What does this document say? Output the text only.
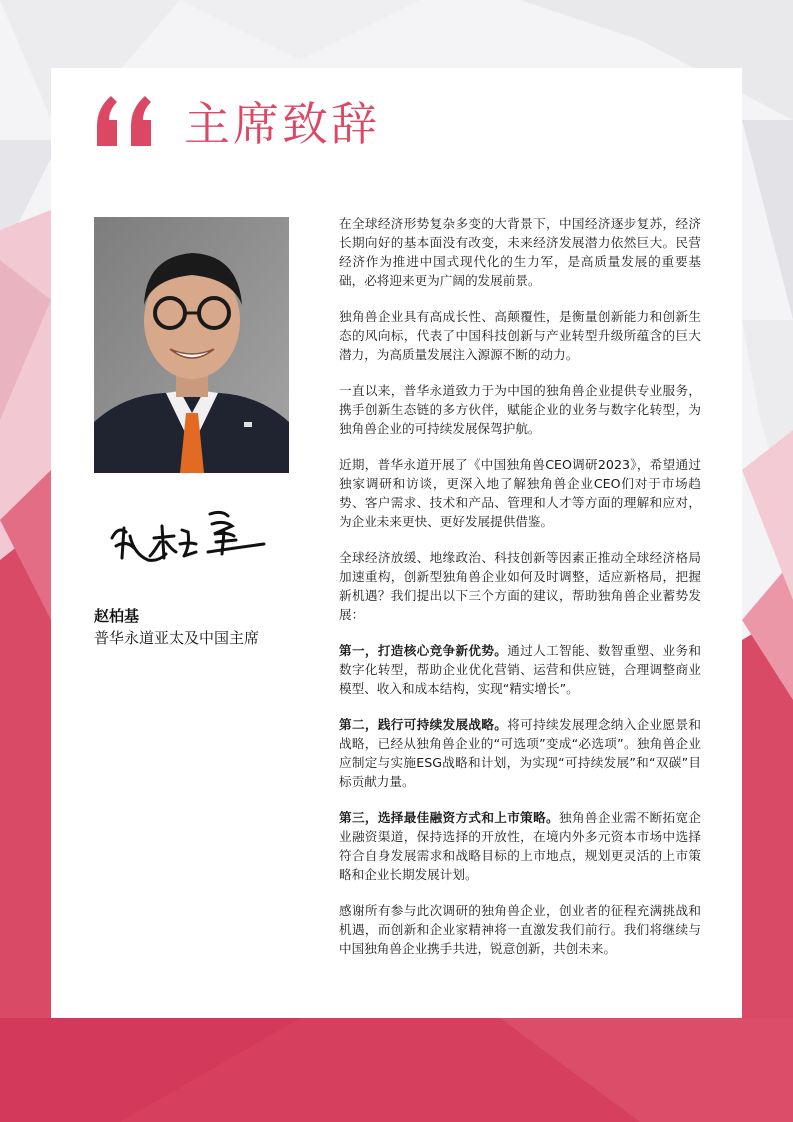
主席致辞
赵柏基
普华永道亚太及中国主席

在全球经济形势复杂多变的大背景下，中国经济逐步复苏，经济长期向好的基本面没有改变，未来经济发展潜力依然巨大。民营经济作为推进中国式现代化的生力军，是高质量发展的重要基础，必将迎来更为广阔的发展前景。

独角兽企业具有高成长性、高颠覆性，是衡量创新能力和创新生态的风向标，代表了中国科技创新与产业转型升级所蕴含的巨大潜力，为高质量发展注入源源不断的动力。

一直以来，普华永道致力于为中国的独角兽企业提供专业服务，携手创新生态链的多方伙伴，赋能企业的业务与数字化转型，为独角兽企业的可持续发展保驾护航。

近期，普华永道开展了《中国独角兽CEO调研2023》，希望通过独家调研和访谈，更深入地了解独角兽企业CEO们对于市场趋势、客户需求、技术和产品、管理和人才等方面的理解和应对，为企业未来更快、更好发展提供借鉴。

全球经济放缓、地缘政治、科技创新等因素正推动全球经济格局加速重构，创新型独角兽企业如何及时调整，适应新格局，把握新机遇？我们提出以下三个方面的建议，帮助独角兽企业蓄势发展：

第一，打造核心竞争新优势。通过人工智能、数智重塑、业务和数字化转型，帮助企业优化营销、运营和供应链，合理调整商业模型、收入和成本结构，实现“精实增长”。

第二，践行可持续发展战略。将可持续发展理念纳入企业愿景和战略，已经从独角兽企业的“可选项”变成“必选项”。独角兽企业应制定与实施ESG战略和计划，为实现“可持续发展”和“双碳”目标贡献力量。

第三，选择最佳融资方式和上市策略。独角兽企业需不断拓宽企业融资渠道，保持选择的开放性，在境内外多元资本市场中选择符合自身发展需求和战略目标的上市地点，规划更灵活的上市策略和企业长期发展计划。

感谢所有参与此次调研的独角兽企业，创业者的征程充满挑战和机遇，而创新和企业家精神将一直激发我们前行。我们将继续与中国独角兽企业携手共进，锐意创新，共创未来。
